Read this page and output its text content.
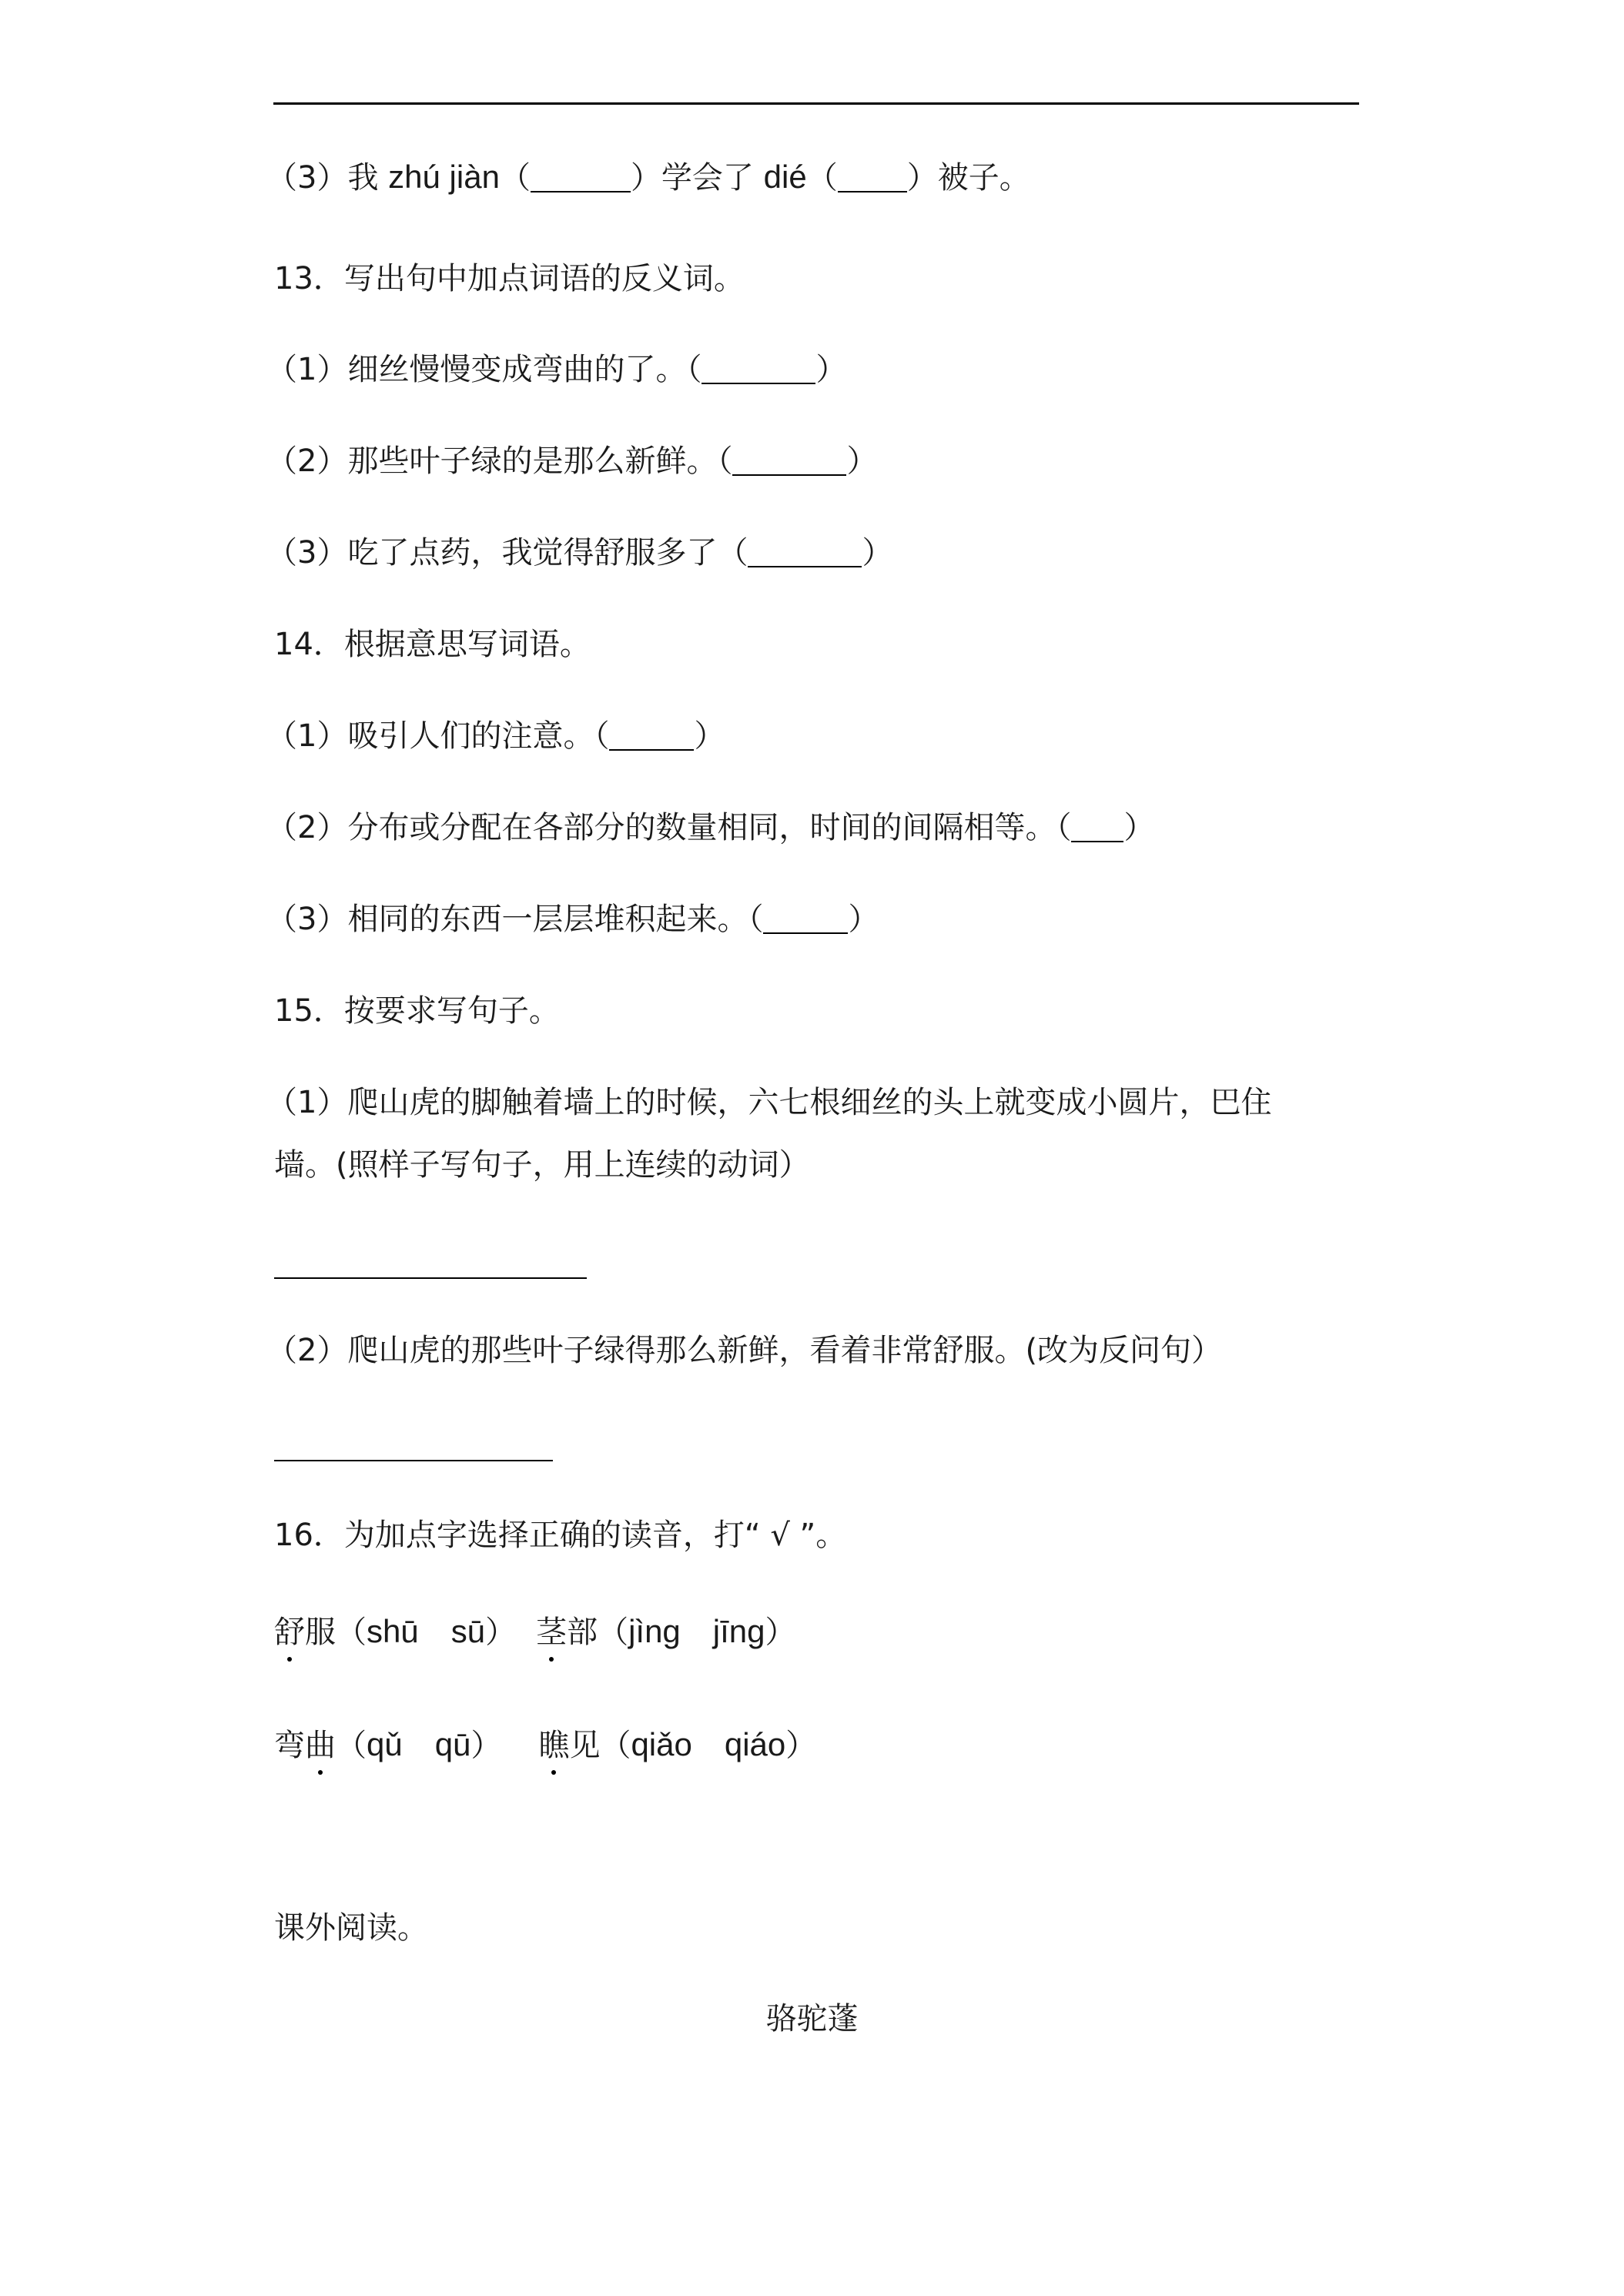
（3）我 zhú jiàn（	）学会了 dié（ ）被子。
13．写出句中加点词语的反义词。
（1）细丝慢慢变成弯曲的了。（	）
（2）那些叶子绿的是那么新鲜。（	）
（3）吃了点药，我觉得舒服多了（	）
14．根据意思写词语。
（1）吸引人们的注意。（	）
（2）分布或分配在各部分的数量相同，时间的间隔相等。（ ）
（3）相同的东西一层层堆积起来。（	）
15．按要求写句子。
（1）爬山虎的脚触着墙上的时候，六七根细丝的头上就变成小圆片，巴住
墙。(照样子写句子，用上连续的动词）
（2）爬山虎的那些叶子绿得那么新鲜，看着非常舒服。(改为反问句）
16．为加点字选择正确的读音，打“ √ ”。
舒服（shū sū） 茎部（jìng jīng）
弯曲（qǔ qū） 瞧见（qiǎo qiáo）
课外阅读。
骆驼蓬
